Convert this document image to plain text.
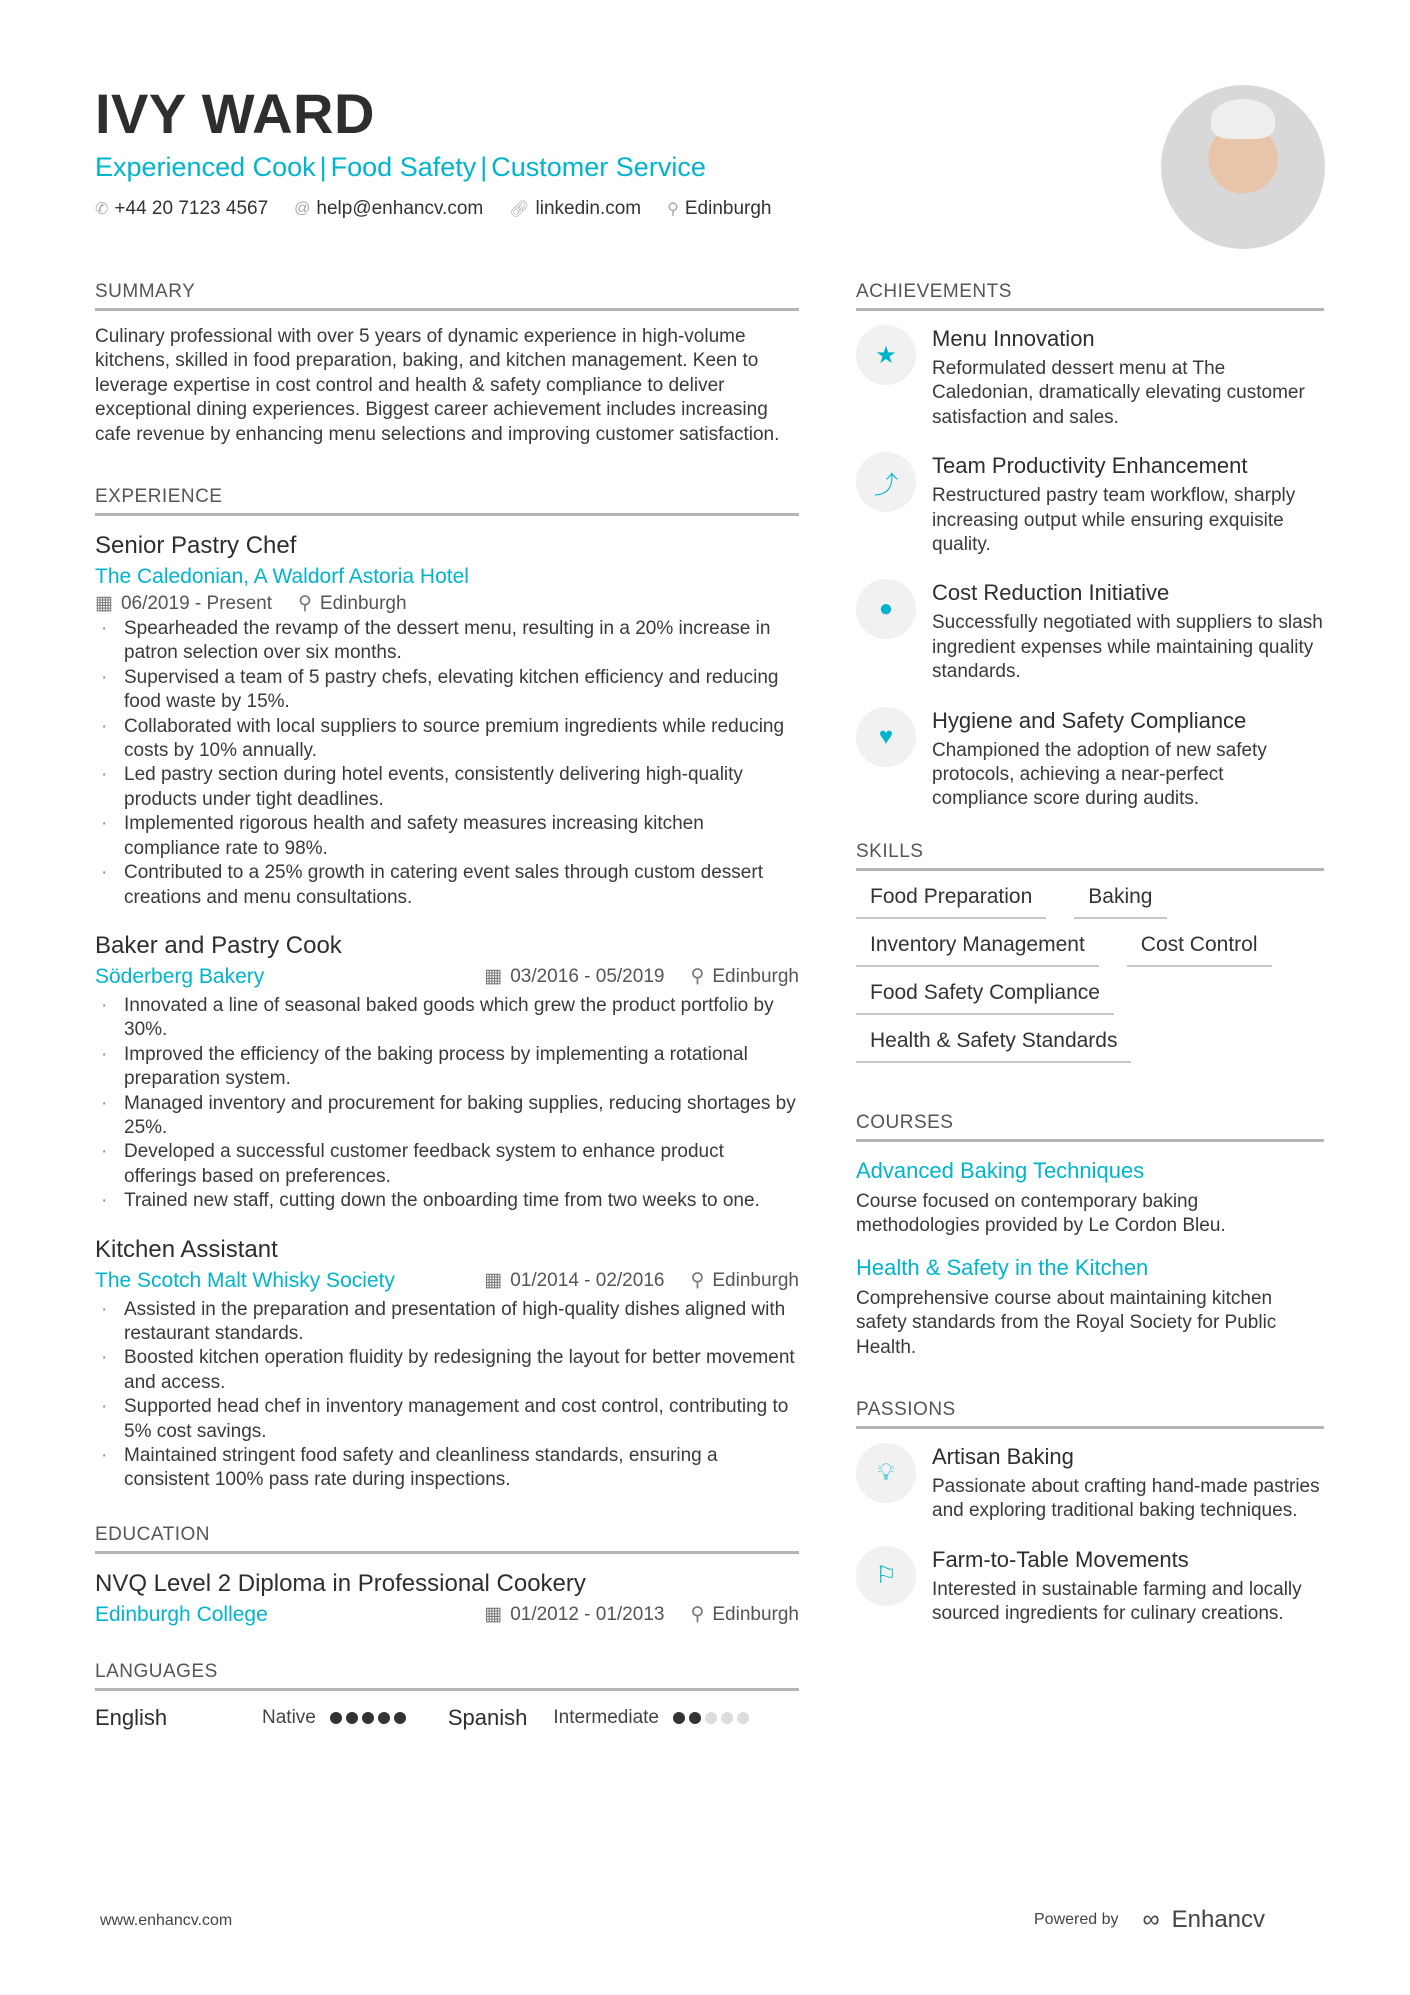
IVY WARD
Experienced Cook | Food Safety | Customer Service
✆ +44 20 7123 4567 @ help@enhancv.com 🔗︎ linkedin.com ⚲ Edinburgh
SUMMARY
Culinary professional with over 5 years of dynamic experience in high-volume kitchens, skilled in food preparation, baking, and kitchen management. Keen to leverage expertise in cost control and health & safety compliance to deliver exceptional dining experiences. Biggest career achievement includes increasing cafe revenue by enhancing menu selections and improving customer satisfaction.
EXPERIENCE
Senior Pastry Chef
The Caledonian, A Waldorf Astoria Hotel
▦ 06/2019 - Present ⚲ Edinburgh
· Spearheaded the revamp of the dessert menu, resulting in a 20% increase in patron selection over six months.
· Supervised a team of 5 pastry chefs, elevating kitchen efficiency and reducing food waste by 15%.
· Collaborated with local suppliers to source premium ingredients while reducing costs by 10% annually.
· Led pastry section during hotel events, consistently delivering high-quality products under tight deadlines.
· Implemented rigorous health and safety measures increasing kitchen compliance rate to 98%.
· Contributed to a 25% growth in catering event sales through custom dessert creations and menu consultations.
Baker and Pastry Cook
Söderberg Bakery	▦ 03/2016 - 05/2019 ⚲ Edinburgh
· Innovated a line of seasonal baked goods which grew the product portfolio by 30%.
· Improved the efficiency of the baking process by implementing a rotational preparation system.
· Managed inventory and procurement for baking supplies, reducing shortages by 25%.
· Developed a successful customer feedback system to enhance product offerings based on preferences.
· Trained new staff, cutting down the onboarding time from two weeks to one.
Kitchen Assistant
The Scotch Malt Whisky Society	▦ 01/2014 - 02/2016 ⚲ Edinburgh
· Assisted in the preparation and presentation of high-quality dishes aligned with restaurant standards.
· Boosted kitchen operation fluidity by redesigning the layout for better movement and access.
· Supported head chef in inventory management and cost control, contributing to 5% cost savings.
· Maintained stringent food safety and cleanliness standards, ensuring a consistent 100% pass rate during inspections.
EDUCATION
NVQ Level 2 Diploma in Professional Cookery
Edinburgh College	▦ 01/2012 - 01/2013 ⚲ Edinburgh
LANGUAGES
English	Native	Spanish Intermediate
ACHIEVEMENTS
★
Menu Innovation
Reformulated dessert menu at The Caledonian, dramatically elevating customer satisfaction and sales.
⤴
Team Productivity Enhancement
Restructured pastry team workflow, sharply increasing output while ensuring exquisite quality.
●
Cost Reduction Initiative
Successfully negotiated with suppliers to slash ingredient expenses while maintaining quality standards.
♥
Hygiene and Safety Compliance
Championed the adoption of new safety protocols, achieving a near-perfect compliance score during audits.
SKILLS
Food Preparation	Baking
Inventory Management	Cost Control
Food Safety Compliance
Health & Safety Standards
COURSES
Advanced Baking Techniques
Course focused on contemporary baking methodologies provided by Le Cordon Bleu.
Health & Safety in the Kitchen
Comprehensive course about maintaining kitchen safety standards from the Royal Society for Public Health.
PASSIONS
💡︎
Artisan Baking
Passionate about crafting hand-made pastries and exploring traditional baking techniques.
⚐
Farm-to-Table Movements
Interested in sustainable farming and locally sourced ingredients for culinary creations.
www.enhancv.com	Powered by ∞ Enhancv
